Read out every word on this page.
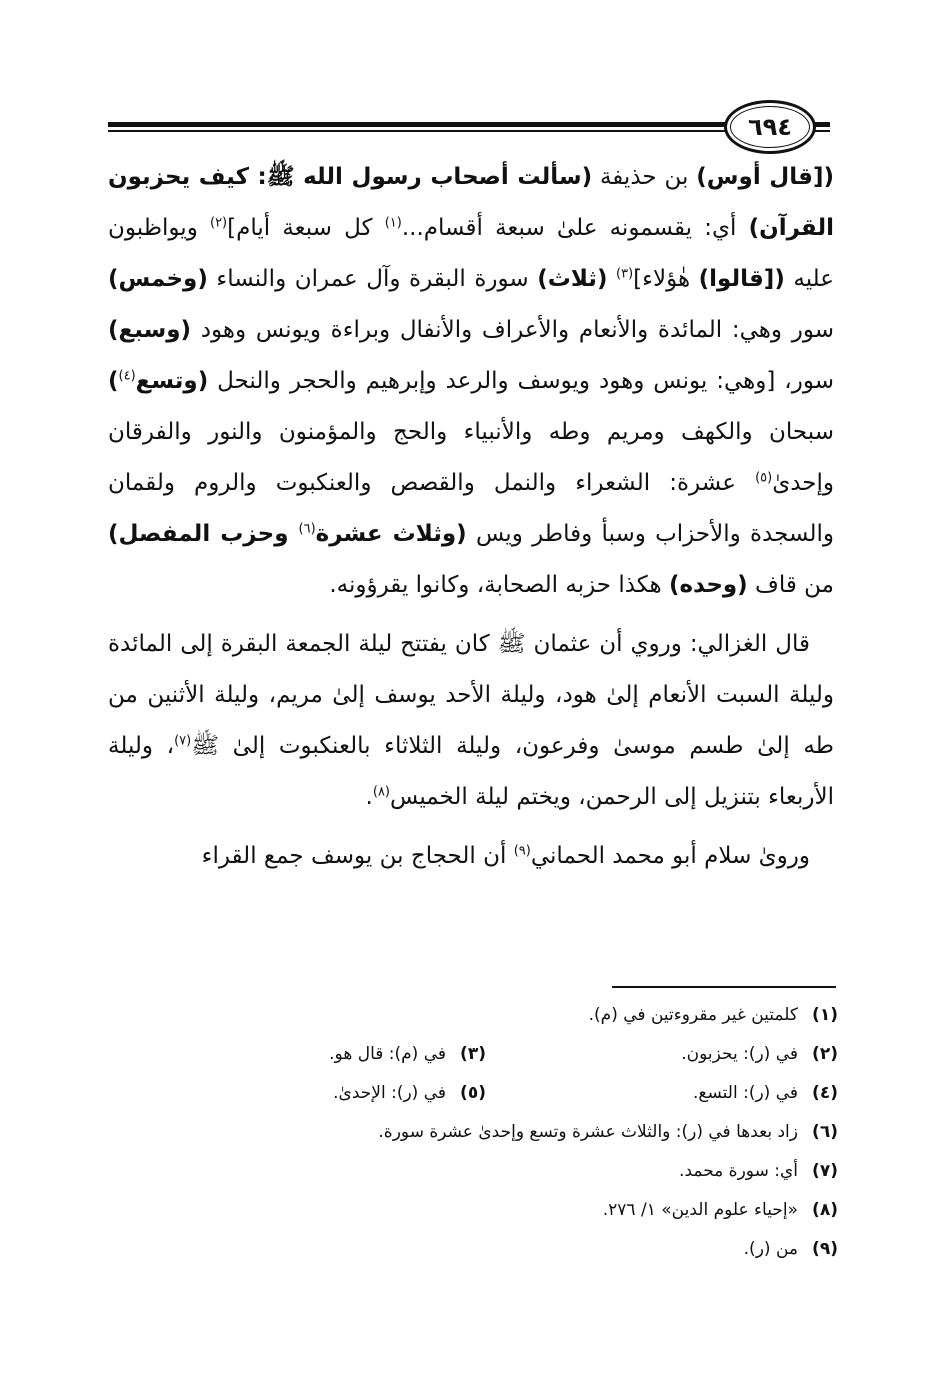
٦٩٤

([قال أوس) بن حذيفة (سألت أصحاب رسول الله ﷺ: كيف يحزبون القرآن) أي: يقسمونه علىٰ سبعة أقسام...$^{(١)}$ كل سبعة أيام]$^{(٢)}$ ويواظبون عليه ([قالوا) هٰؤلاء]$^{(٣)}$ (ثلاث) سورة البقرة وآل عمران والنساء (وخمس) سور وهي: المائدة والأنعام والأعراف والأنفال وبراءة ويونس وهود (وسبع) سور، [وهي: يونس وهود ويوسف والرعد وإبرهيم والحجر والنحل (وتسع$^{(٤)}$) سبحان والكهف ومريم وطه والأنبياء والحج والمؤمنون والنور والفرقان وإحدىٰ$^{(٥)}$ عشرة: الشعراء والنمل والقصص والعنكبوت والروم ولقمان والسجدة والأحزاب وسبأ وفاطر ويس (وثلاث عشرة$^{(٦)}$ وحزب المفصل) من قاف (وحده) هكذا حزبه الصحابة، وكانوا يقرؤونه.

قال الغزالي: وروي أن عثمان ﷺ كان يفتتح ليلة الجمعة البقرة إلى المائدة وليلة السبت الأنعام إلىٰ هود، وليلة الأحد يوسف إلىٰ مريم، وليلة الأثنين من طه إلىٰ طسم موسىٰ وفرعون، وليلة الثلاثاء بالعنكبوت إلىٰ ﷺ$^{(٧)}$، وليلة الأربعاء بتنزيل إلى الرحمن، ويختم ليلة الخميس$^{(٨)}$.

ورویٰ سلام أبو محمد الحماني$^{(٩)}$ أن الحجاج بن يوسف جمع القراء

(١)
كلمتين غير مقروءتين في (م).
(٢)
في (ر): يحزبون.
(٣)
في (م): قال هو.
(٤)
في (ر): التسع.
(٥)
في (ر): الإحدىٰ.
(٦)
زاد بعدها في (ر): والثلاث عشرة وتسع وإحدىٰ عشرة سورة.
(٧)
أي: سورة محمد.
(٨)
«إحياء علوم الدين» ١/ ٢٧٦.
(٩)
من (ر).
